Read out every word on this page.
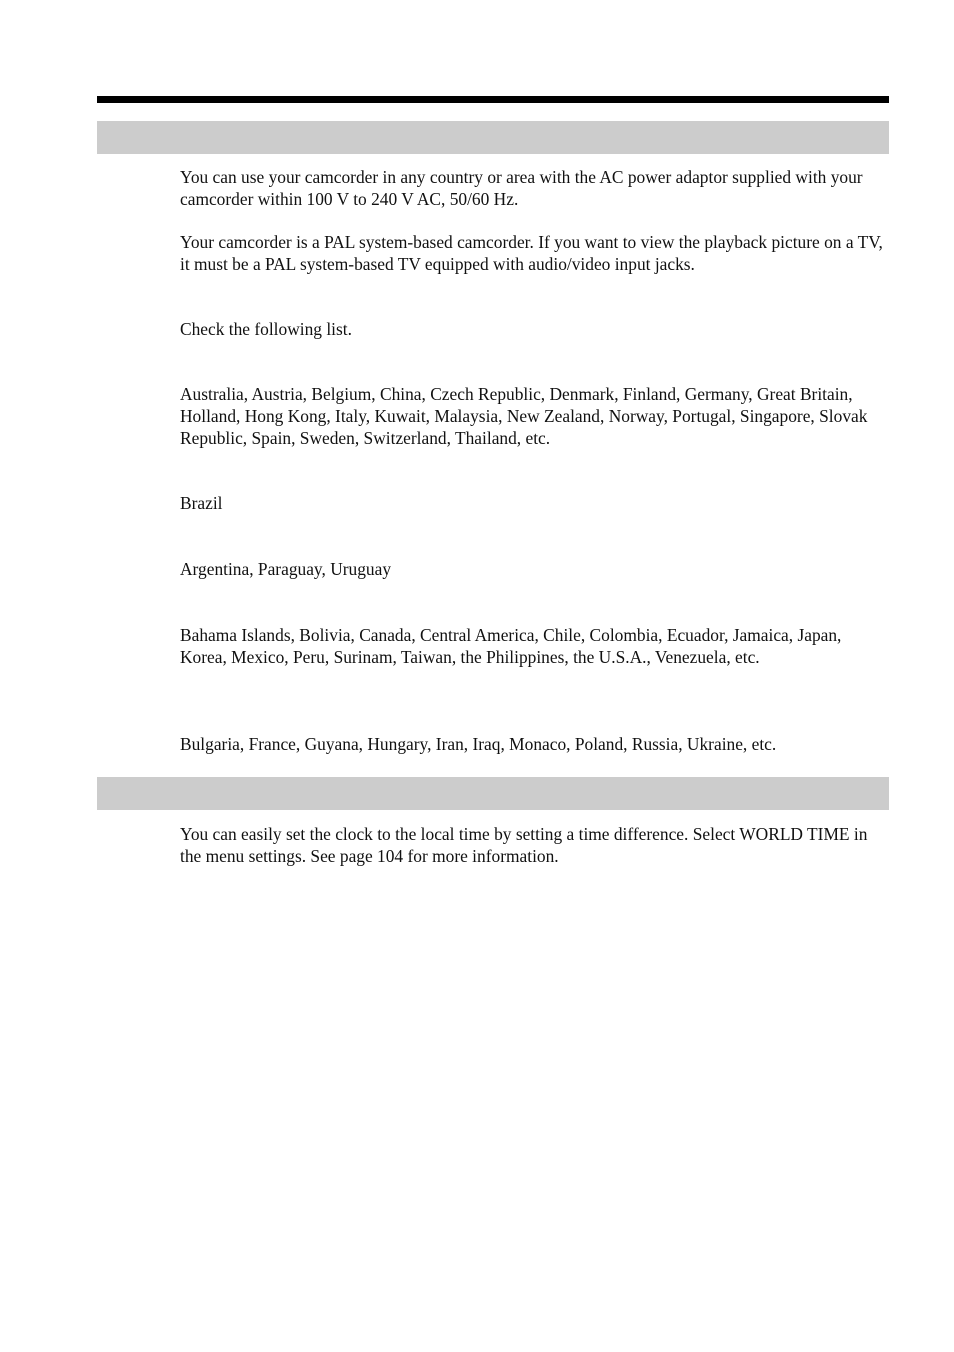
You can use your camcorder in any country or area with the AC power adaptor supplied with your camcorder within 100 V to 240 V AC, 50/60 Hz.

Your camcorder is a PAL system-based camcorder. If you want to view the playback picture on a TV, it must be a PAL system-based TV equipped with audio/video input jacks.

Check the following list.

Australia, Austria, Belgium, China, Czech Republic, Denmark, Finland, Germany, Great Britain, Holland, Hong Kong, Italy, Kuwait, Malaysia, New Zealand, Norway, Portugal, Singapore, Slovak Republic, Spain, Sweden, Switzerland, Thailand, etc.

Brazil

Argentina, Paraguay, Uruguay

Bahama Islands, Bolivia, Canada, Central America, Chile, Colombia, Ecuador, Jamaica, Japan, Korea, Mexico, Peru, Surinam, Taiwan, the Philippines, the U.S.A., Venezuela, etc.

Bulgaria, France, Guyana, Hungary, Iran, Iraq, Monaco, Poland, Russia, Ukraine, etc.

You can easily set the clock to the local time by setting a time difference. Select WORLD TIME in the menu settings. See page 104 for more information.
